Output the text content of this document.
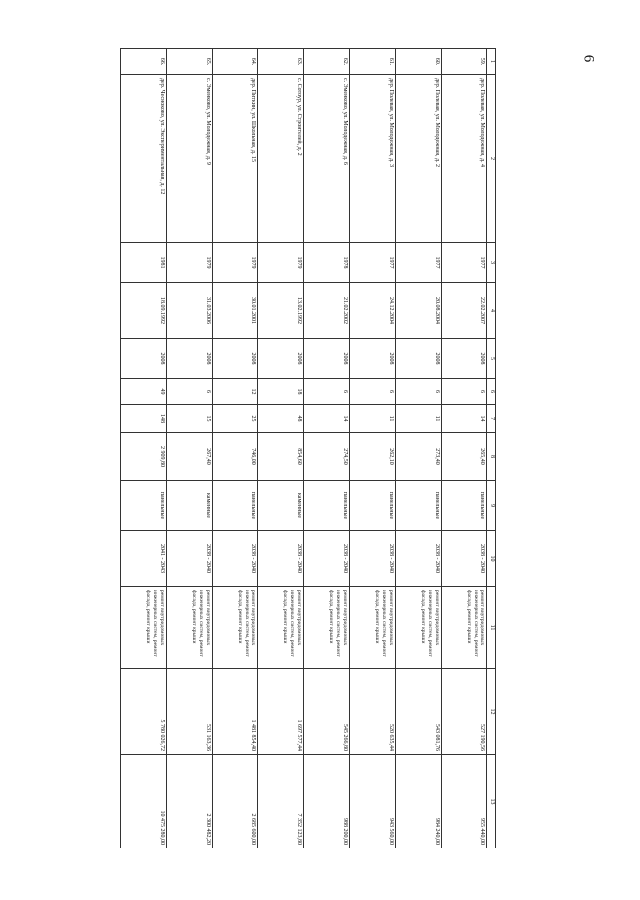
6
1	2	3	4	5	6	7	8	9	10	11	12	13
59.	дер. Полевая, ул. Молодежная, д. 4	1977	22.02.2007	2008	6	14	265,40	панельные	2038 - 2040	ремонт внутридомовых инженерных систем, ремонт фасада, ремонт крыши	527 190,56	955 440,00
60.	дер. Полевая, ул. Молодежная, д. 2	1977	20.08.2004	2008	6	11	273,40	панельные	2038 - 2040	ремонт внутридомовых инженерных систем, ремонт фасада, ремонт крыши	543 081,76	984 240,00
61.	дер. Полевая, ул. Молодежная, д. 3	1977	24.12.2004	2008	6	11	262,10	панельные	2038 - 2040	ремонт внутридомовых инженерных систем, ремонт фасада, ремонт крыши	520 635,44	943 560,00
62.	с. Эменково, ул. Молодежная, д. 6	1978	21.02.2002	2008	6	14	274,50	панельные	2038 - 2040	ремонт внутридомовых инженерных систем, ремонт фасада, ремонт крыши	545 266,80	988 200,00
63.	с. Сотоур, ул. Строителей, д. 2	1979	13.02.1992	2008	18	48	854,60	каменные	2038 - 2040	ремонт внутридомовых инженерных систем, ремонт фасада, ремонт крыши	1 697 577,44	7 352 123,80
64.	дер. Питкин, ул. Школьная, д. 15	1979	30.01.2001	2008	12	25	746,00	панельные	2038 - 2040	ремонт внутридомовых инженерных систем, ремонт фасада, ремонт крыши	1 481 854,40	2 685 600,00
65.	с. Эменково, ул. Молодежная, д. 9	1979	31.03.2006	2008	6	15	267,40	каменные	2038 - 2040	ремонт внутридомовых инженерных систем, ремонт фасада, ремонт крыши	531 163,36	2 300 482,20
66.	дер. Чесноково, ул. Экспериментальная, д. 12	1981	18.09.1992	2008	49	148	2 909,80	панельные	2041 - 2043	ремонт внутридомовых инженерных систем, ремонт фасада, ремонт крыши	5 780 026,72	10 475 280,00
